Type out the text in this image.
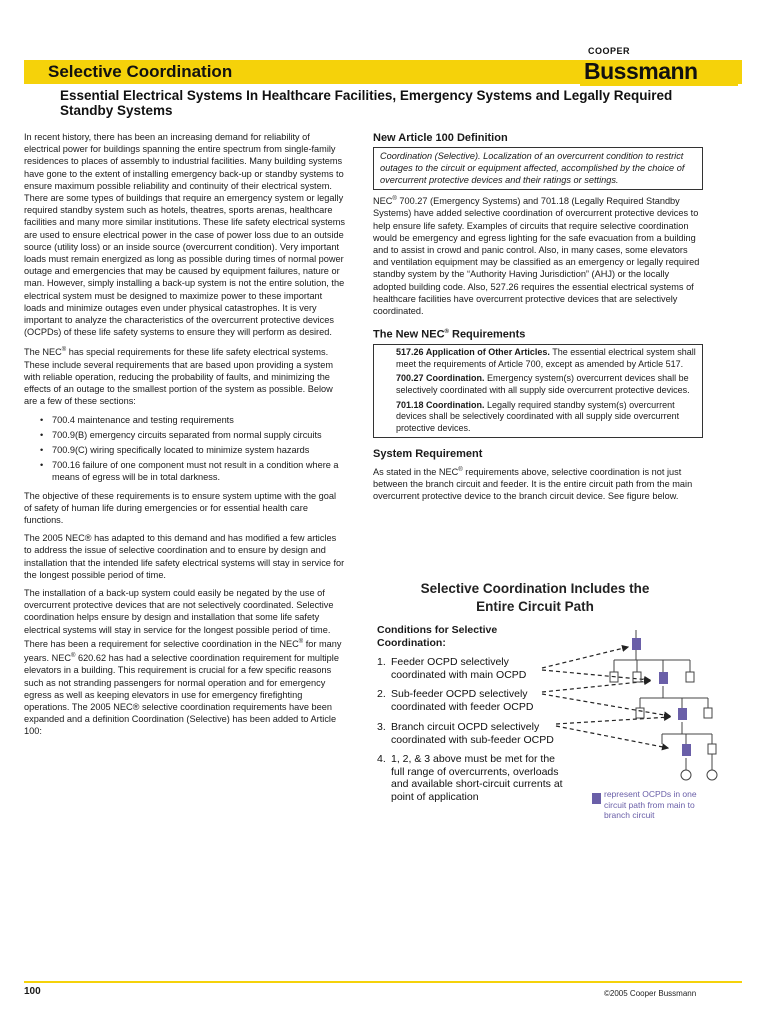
Selective Coordination
COOPER
Bussmann
Essential Electrical Systems In Healthcare Facilities, Emergency Systems and Legally Required Standby Systems

In recent history, there has been an increasing demand for reliability of electrical power for buildings spanning the entire spectrum from single-family residences to places of assembly to industrial facilities. Many building systems have gone to the extent of installing emergency back-up or standby systems to ensure maximum possible reliability and continuity of their electrical system. There are some types of buildings that require an emergency system or legally required standby system such as hotels, theatres, sports arenas, healthcare facilities and many more similar institutions. These life safety electrical systems are used to ensure electrical power in the case of power loss due to an outside source (utility loss) or an inside source (overcurrent condition). Very important loads must remain energized as long as possible during times of normal power outage and emergencies that may be caused by equipment failures, nature or man. However, simply installing a back-up system is not the entire solution, the electrical system must be designed to maximize power to these important loads and minimize outages even under physical catastrophes. It is very important to analyze the characteristics of the overcurrent protective devices (OCPDs) of these life safety systems to ensure they will perform as desired.

The NEC® has special requirements for these life safety electrical systems. These include several requirements that are based upon providing a system with reliable operation, reducing the probability of faults, and minimizing the effects of an outage to the smallest portion of the system as possible. Below are a few of these sections:

• 700.4 maintenance and testing requirements
• 700.9(B) emergency circuits separated from normal supply circuits
• 700.9(C) wiring specifically located to minimize system hazards
• 700.16 failure of one component must not result in a condition where a means of egress will be in total darkness.

The objective of these requirements is to ensure system uptime with the goal of safety of human life during emergencies or for essential health care functions.

The 2005 NEC® has adapted to this demand and has modified a few articles to address the issue of selective coordination and to ensure by design and installation that the intended life safety electrical systems will stay in service for the longest possible period of time.

The installation of a back-up system could easily be negated by the use of overcurrent protective devices that are not selectively coordinated. Selective coordination helps ensure by design and installation that some life safety electrical systems will stay in service for the longest possible period of time. There has been a requirement for selective coordination in the NEC® for many years. NEC® 620.62 has had a selective coordination requirement for multiple elevators in a building. This requirement is crucial for a few specific reasons such as not stranding passengers for normal operation and for emergency egress as well as keeping elevators in use for emergency firefighting operations. The 2005 NEC® selective coordination requirements have been expanded and a definition Coordination (Selective) has been added to Article 100:

New Article 100 Definition
Coordination (Selective). Localization of an overcurrent condition to restrict outages to the circuit or equipment affected, accomplished by the choice of overcurrent protective devices and their ratings or settings.

NEC® 700.27 (Emergency Systems) and 701.18 (Legally Required Standby Systems) have added selective coordination of overcurrent protective devices to help ensure life safety. Examples of circuits that require selective coordination would be emergency and egress lighting for the safe evacuation from a building and to assist in crowd and panic control. Also, in many cases, some elevators and ventilation equipment may be classified as an emergency or legally required standby system by the “Authority Having Jurisdiction” (AHJ) or the locally adopted building code. Also, 527.26 requires the essential electrical systems of healthcare facilities have overcurrent protective devices that are selectively coordinated.

The New NEC® Requirements

517.26 Application of Other Articles. The essential electrical system shall meet the requirements of Article 700, except as amended by Article 517.

700.27 Coordination. Emergency system(s) overcurrent devices shall be selectively coordinated with all supply side overcurrent protective devices.

701.18 Coordination. Legally required standby system(s) overcurrent devices shall be selectively coordinated with all supply side overcurrent protective devices.

System Requirement

As stated in the NEC® requirements above, selective coordination is not just between the branch circuit and feeder. It is the entire circuit path from the main overcurrent protective device to the branch circuit device. See figure below.

Selective Coordination Includes the
Entire Circuit Path
Conditions for Selective
Coordination:
1. Feeder OCPD selectively
coordinated with main OCPD
2. Sub-feeder OCPD selectively
coordinated with feeder OCPD
3. Branch circuit OCPD selectively
coordinated with sub-feeder OCPD
4. 1, 2, & 3 above must be met for the
full range of overcurrents, overloads
and available short-circuit currents at
point of application	represent OCPDs in one circuit path from main to branch circuit
100	©2005 Cooper Bussmann
